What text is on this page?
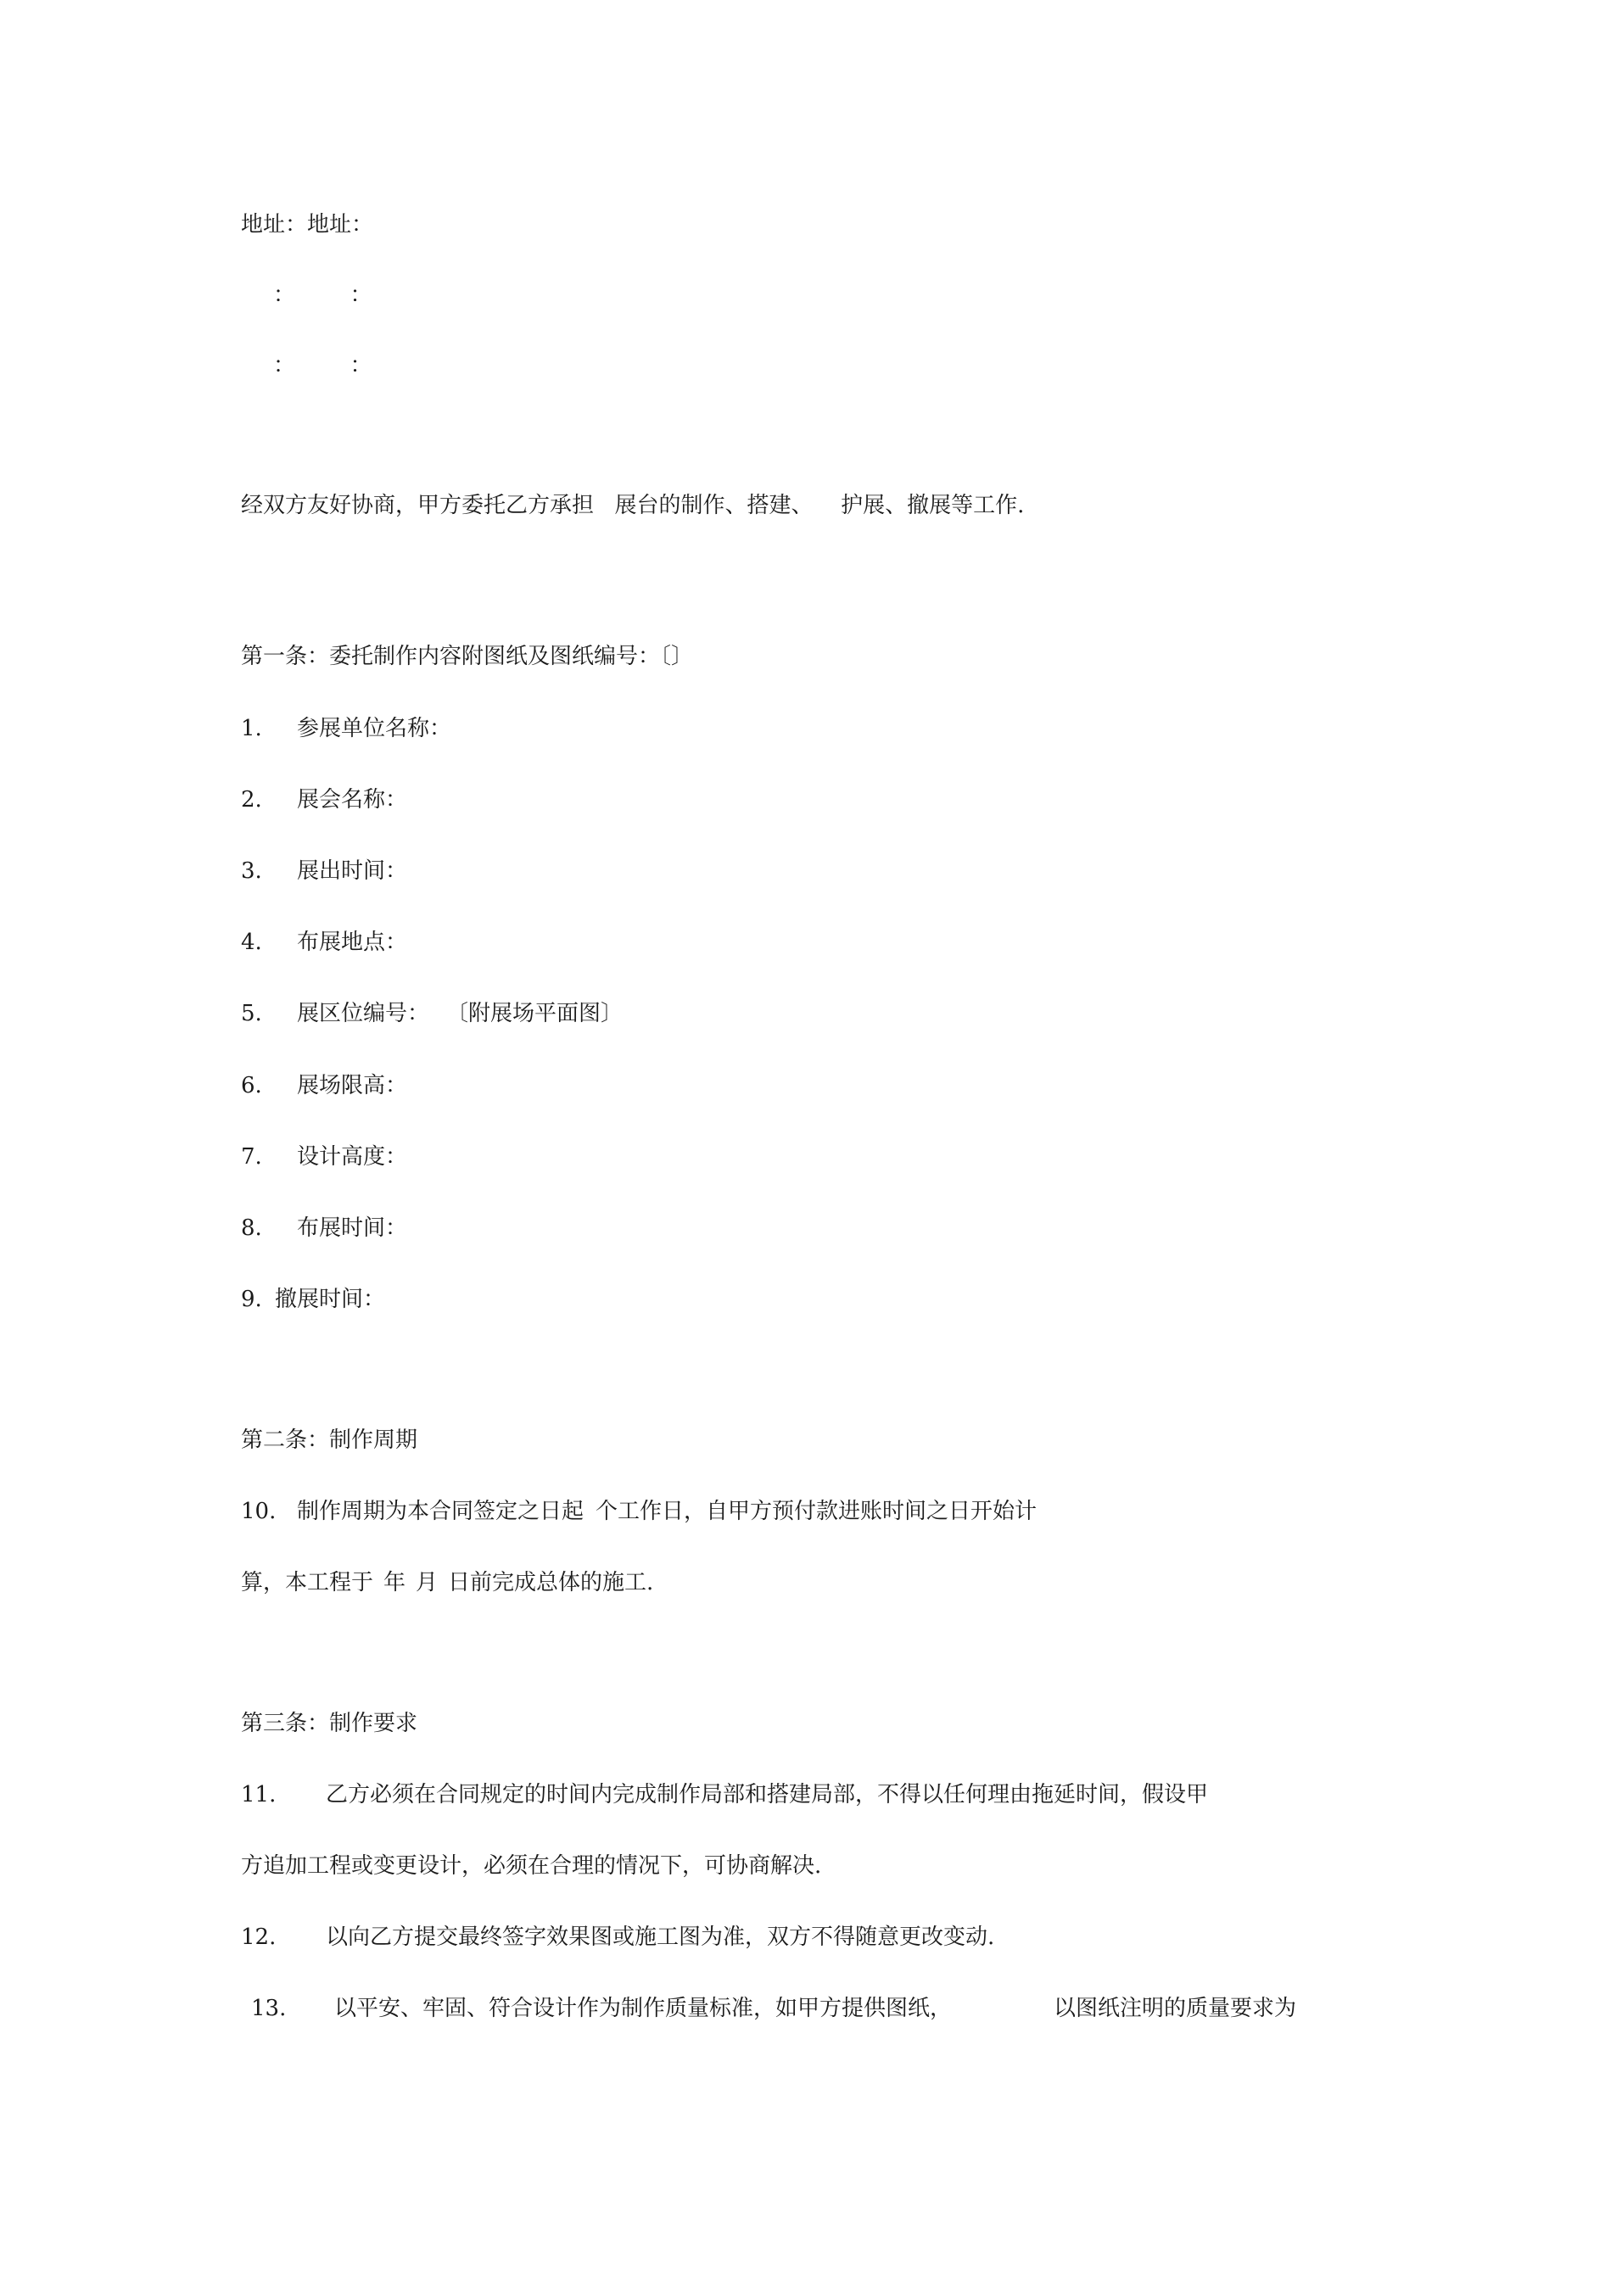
地址：地址：
： ：
： ：
经双方友好协商，甲方委托乙方承担 展台的制作、搭建、 护展、撤展等工作.
第一条：委托制作内容附图纸及图纸编号：〔〕
1. 参展单位名称：
2. 展会名称：
3. 展出时间：
4. 布展地点：
5. 展区位编号： 〔附展场平面图〕
6. 展场限高：
7. 设计高度：
8. 布展时间：
9. 撤展时间：
第二条：制作周期
10. 制作周期为本合同签定之日起 个工作日，自甲方预付款进账时间之日开始计
算，本工程于 年 月 日前完成总体的施工.
第三条：制作要求
11. 乙方必须在合同规定的时间内完成制作局部和搭建局部，不得以任何理由拖延时间，假设甲
方追加工程或变更设计，必须在合理的情况下，可协商解决.
12. 以向乙方提交最终签字效果图或施工图为准，双方不得随意更改变动.
13. 以平安、牢固、符合设计作为制作质量标准，如甲方提供图纸，	以图纸注明的质量要求为
